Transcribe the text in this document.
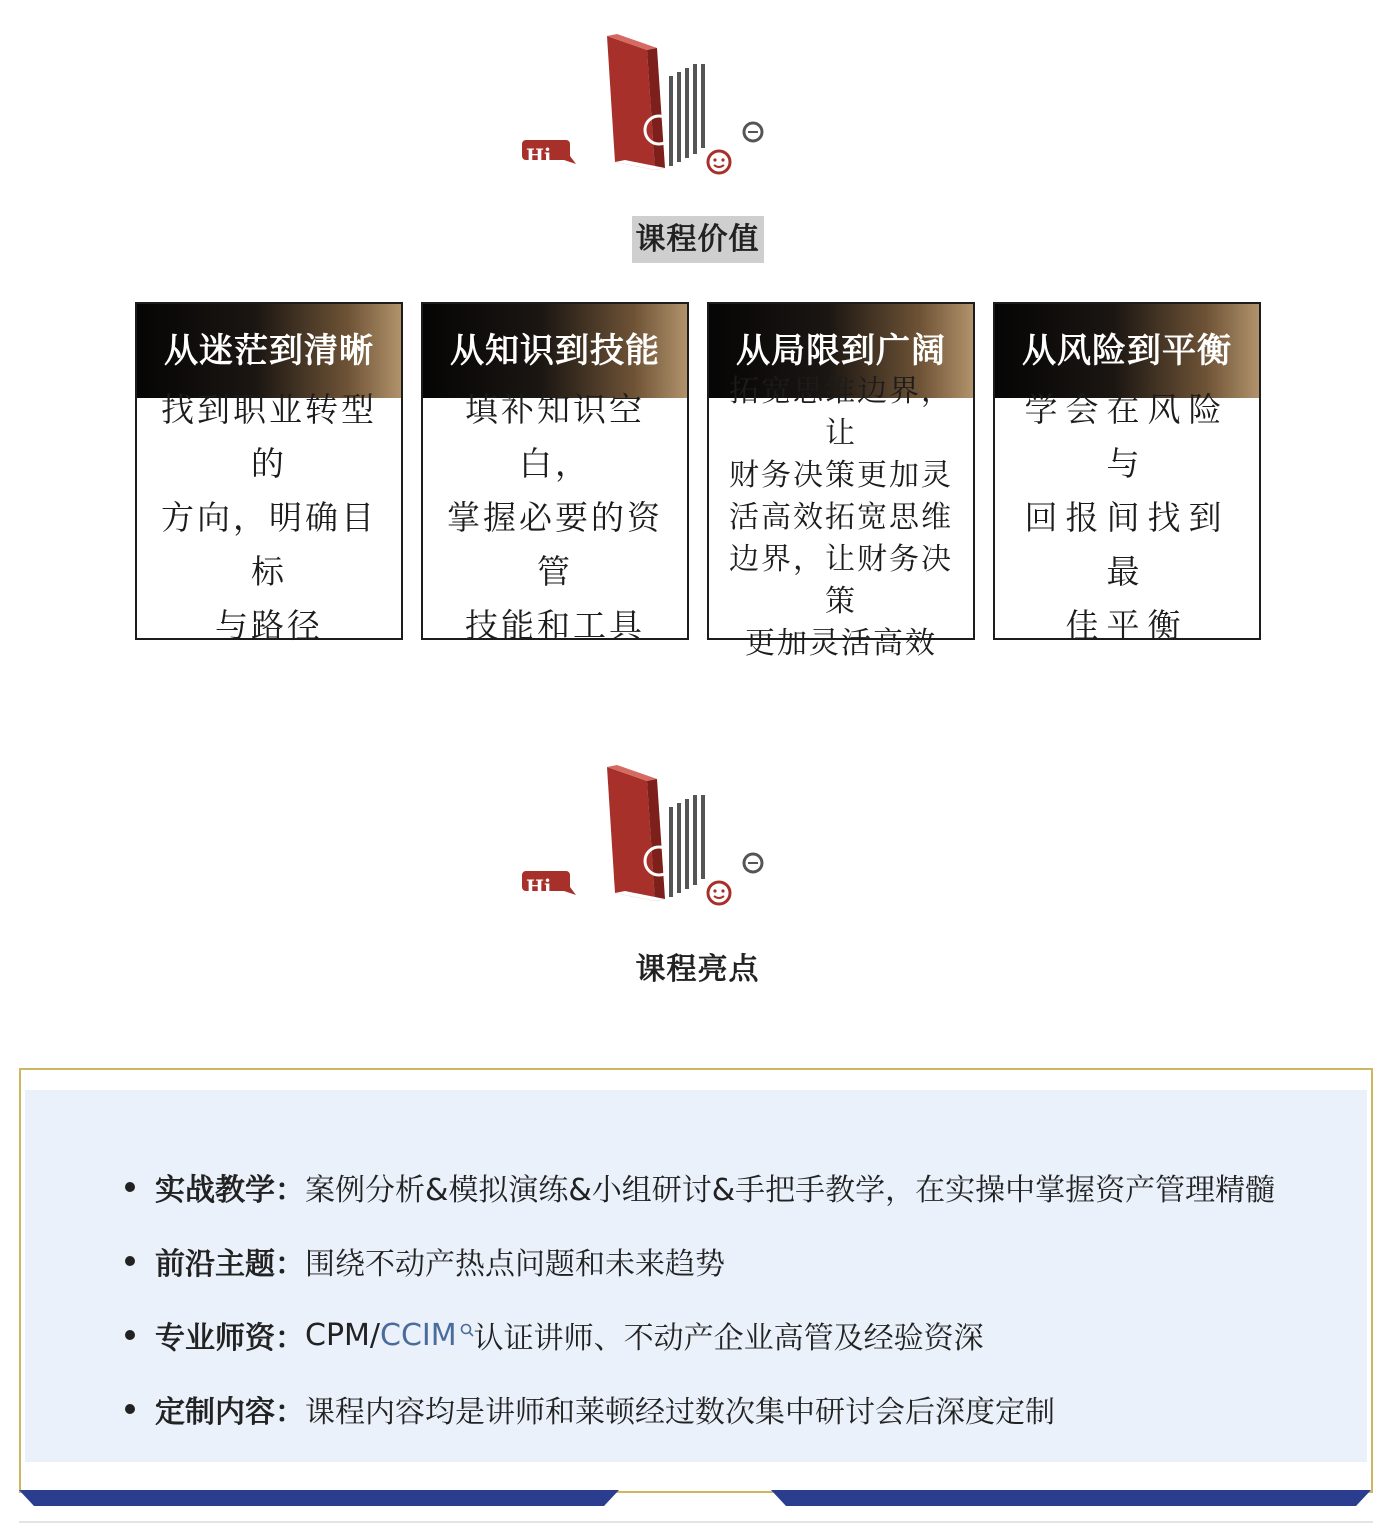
Hi
课程价值
从迷茫到清晰
找到职业转型的
方向，明确目标
与路径
从知识到技能
填补知识空白，
掌握必要的资管
技能和工具
从局限到广阔
拓宽思维边界，让
财务决策更加灵
活高效拓宽思维
边界，让财务决策
更加灵活高效
从风险到平衡
学会在风险与
回报间找到最
佳平衡
Hi
课程亮点
实战教学： 案例分析&模拟演练&小组研讨&手把手教学，在实操中掌握资产管理精髓
前沿主题： 围绕不动产热点问题和未来趋势
专业师资： CPM/ CCIM 认证讲师、不动产企业高管及经验资深
定制内容： 课程内容均是讲师和莱顿经过数次集中研讨会后深度定制
